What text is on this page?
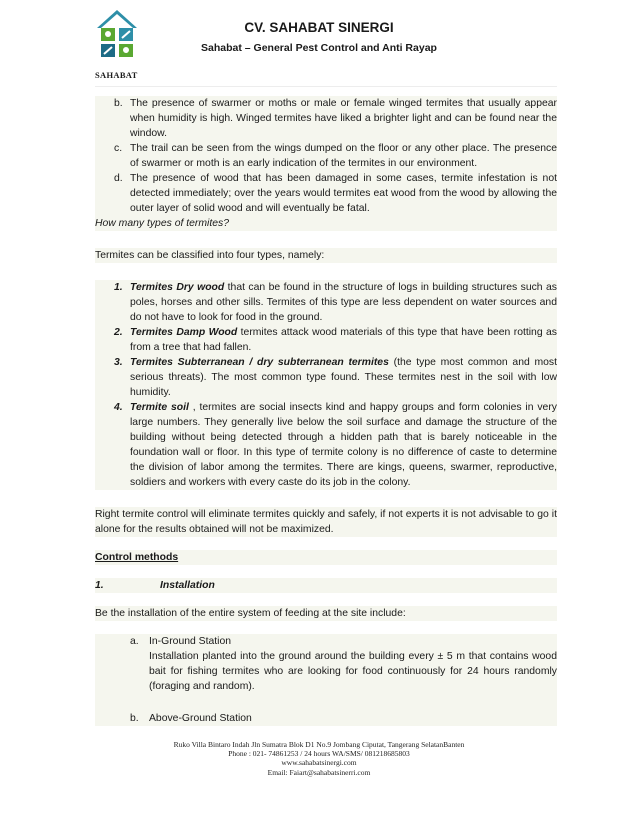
CV. SAHABAT SINERGI
Sahabat – General Pest Control and Anti Rayap
SAHABAT
b. The presence of swarmer or moths or male or female winged termites that usually appear when humidity is high. Winged termites have liked a brighter light and can be found near the window.
c. The trail can be seen from the wings dumped on the floor or any other place. The presence of swarmer or moth is an early indication of the termites in our environment.
d. The presence of wood that has been damaged in some cases, termite infestation is not detected immediately; over the years would termites eat wood from the wood by allowing the outer layer of solid wood and will eventually be fatal.
How many types of termites?
Termites can be classified into four types, namely:
1. Termites Dry wood that can be found in the structure of logs in building structures such as poles, horses and other sills. Termites of this type are less dependent on water sources and do not have to look for food in the ground.
2. Termites Damp Wood termites attack wood materials of this type that have been rotting as from a tree that had fallen.
3. Termites Subterranean / dry subterranean termites (the type most common and most serious threats). The most common type found. These termites nest in the soil with low humidity.
4. Termite soil , termites are social insects kind and happy groups and form colonies in very large numbers. They generally live below the soil surface and damage the structure of the building without being detected through a hidden path that is barely noticeable in the foundation wall or floor. In this type of termite colony is no difference of caste to determine the division of labor among the termites. There are kings, queens, swarmer, reproductive, soldiers and workers with every caste do its job in the colony.
Right termite control will eliminate termites quickly and safely, if not experts it is not advisable to go it alone for the results obtained will not be maximized.
Control methods
1.	Installation
Be the installation of the entire system of feeding at the site include:
a. In-Ground Station
Installation planted into the ground around the building every ± 5 m that contains wood bait for fishing termites who are looking for food continuously for 24 hours randomly (foraging and random).
b. Above-Ground Station
Ruko Villa Bintaro Indah Jln Sumatra Blok D1 No.9 Jombang Ciputat, Tangerang SelatanBanten
Phone : 021- 74861253 / 24 hours WA/SMS/ 081218685803
www.sahabatsinergi.com
Email: Faiart@sahabatsinerri.com
